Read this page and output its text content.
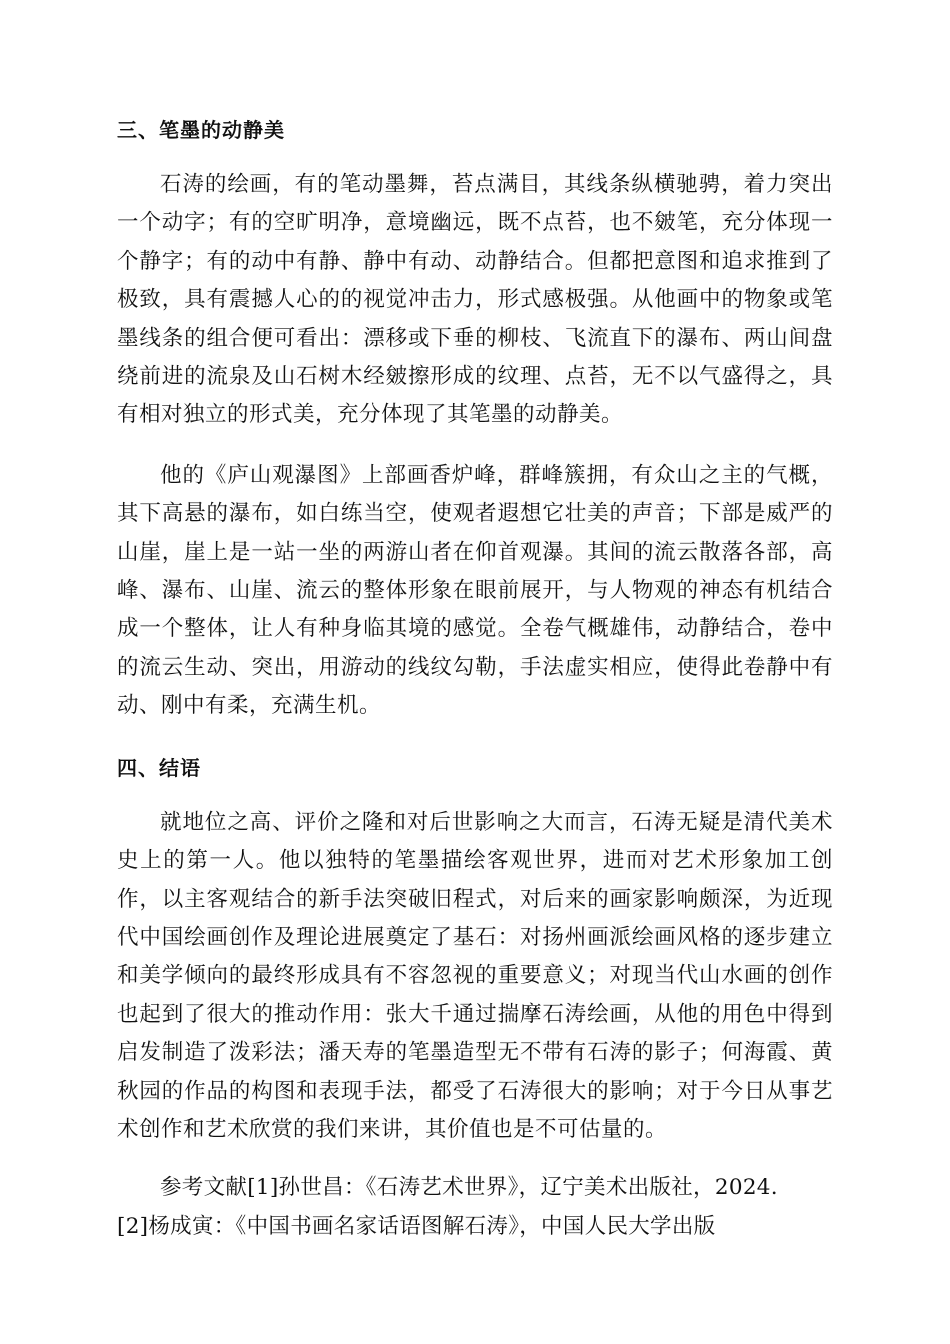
三、笔墨的动静美

石涛的绘画，有的笔动墨舞，苔点满目，其线条纵横驰骋，着力突出一个动字；有的空旷明净，意境幽远，既不点苔，也不皴笔，充分体现一个静字；有的动中有静、静中有动、动静结合。但都把意图和追求推到了极致，具有震撼人心的的视觉冲击力，形式感极强。从他画中的物象或笔墨线条的组合便可看出：漂移或下垂的柳枝、飞流直下的瀑布、两山间盘绕前进的流泉及山石树木经皴擦形成的纹理、点苔，无不以气盛得之，具有相对独立的形式美，充分体现了其笔墨的动静美。

他的《庐山观瀑图》上部画香炉峰，群峰簇拥，有众山之主的气概，其下高悬的瀑布，如白练当空，使观者遐想它壮美的声音；下部是威严的山崖，崖上是一站一坐的两游山者在仰首观瀑。其间的流云散落各部，高峰、瀑布、山崖、流云的整体形象在眼前展开，与人物观的神态有机结合成一个整体，让人有种身临其境的感觉。全卷气概雄伟，动静结合，卷中的流云生动、突出，用游动的线纹勾勒，手法虚实相应，使得此卷静中有动、刚中有柔，充满生机。

四、结语

就地位之高、评价之隆和对后世影响之大而言，石涛无疑是清代美术史上的第一人。他以独特的笔墨描绘客观世界，进而对艺术形象加工创作，以主客观结合的新手法突破旧程式，对后来的画家影响颇深，为近现代中国绘画创作及理论进展奠定了基石：对扬州画派绘画风格的逐步建立和美学倾向的最终形成具有不容忽视的重要意义；对现当代山水画的创作也起到了很大的推动作用：张大千通过揣摩石涛绘画，从他的用色中得到启发制造了泼彩法；潘天寿的笔墨造型无不带有石涛的影子；何海霞、黄秋园的作品的构图和表现手法，都受了石涛很大的影响；对于今日从事艺术创作和艺术欣赏的我们来讲，其价值也是不可估量的。

参考文献[1]孙世昌：《石涛艺术世界》，辽宁美术出版社，2024.

[2]杨成寅：《中国书画名家话语图解石涛》，中国人民大学出版
